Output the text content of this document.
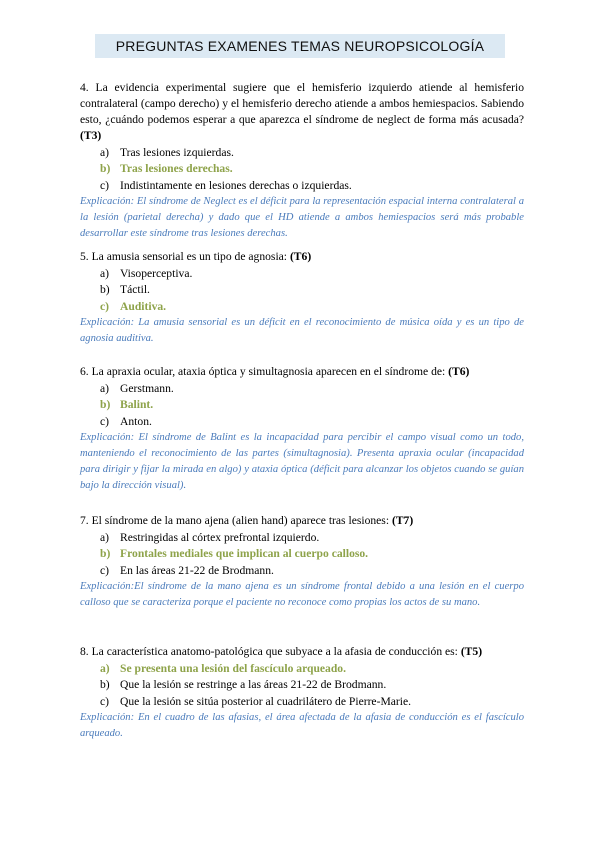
PREGUNTAS EXAMENES TEMAS NEUROPSICOLOGÍA
4. La evidencia experimental sugiere que el hemisferio izquierdo atiende al hemisferio contralateral (campo derecho) y el hemisferio derecho atiende a ambos hemiespacios. Sabiendo esto, ¿cuándo podemos esperar a que aparezca el síndrome de neglect de forma más acusada? (T3)
a) Tras lesiones izquierdas.
b) Tras lesiones derechas.
c) Indistintamente en lesiones derechas o izquierdas.
Explicación: El síndrome de Neglect es el déficit para la representación espacial interna contralateral a la lesión (parietal derecha) y dado que el HD atiende a ambos hemiespacios será más probable desarrollar este síndrome tras lesiones derechas.
5. La amusia sensorial es un tipo de agnosia: (T6)
a) Visoperceptiva.
b) Táctil.
c) Auditiva.
Explicación: La amusia sensorial es un déficit en el reconocimiento de música oída y es un tipo de agnosia auditiva.
6. La apraxia ocular, ataxia óptica y simultagnosia aparecen en el síndrome de: (T6)
a) Gerstmann.
b) Balint.
c) Anton.
Explicación: El síndrome de Balint es la incapacidad para percibir el campo visual como un todo, manteniendo el reconocimiento de las partes (simultagnosia). Presenta apraxia ocular (incapacidad para dirigir y fijar la mirada en algo) y ataxia óptica (déficit para alcanzar los objetos cuando se guían bajo la dirección visual).
7. El síndrome de la mano ajena (alien hand) aparece tras lesiones: (T7)
a) Restringidas al córtex prefrontal izquierdo.
b) Frontales mediales que implican al cuerpo calloso.
c) En las áreas 21-22 de Brodmann.
Explicación:El síndrome de la mano ajena es un síndrome frontal debido a una lesión en el cuerpo calloso que se caracteriza porque el paciente no reconoce como propias los actos de su mano.
8. La característica anatomo-patológica que subyace a la afasia de conducción es: (T5)
a) Se presenta una lesión del fascículo arqueado.
b) Que la lesión se restringe a las áreas 21-22 de Brodmann.
c) Que la lesión se sitúa posterior al cuadrilátero de Pierre-Marie.
Explicación: En el cuadro de las afasias, el área afectada de la afasia de conducción es el fascículo arqueado.
